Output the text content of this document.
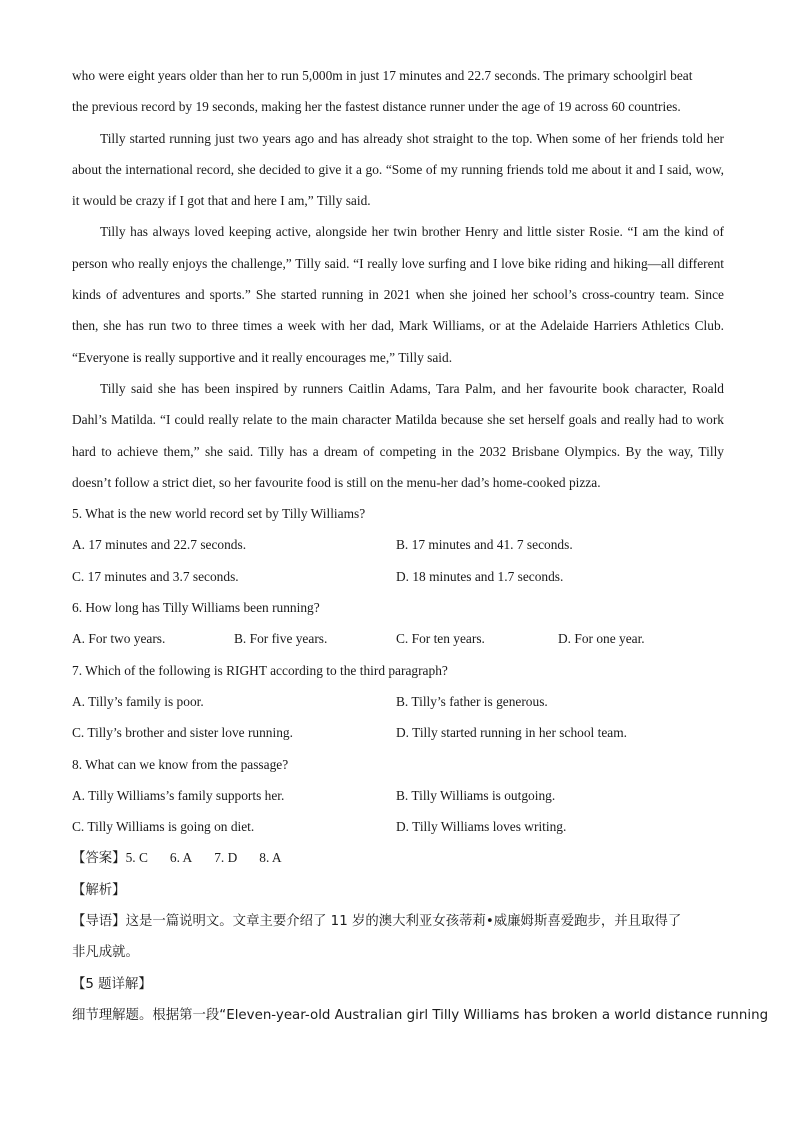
who were eight years older than her to run 5,000m in just 17 minutes and 22.7 seconds. The primary schoolgirl beat
the previous record by 19 seconds, making her the fastest distance runner under the age of 19 across 60 countries.

Tilly started running just two years ago and has already shot straight to the top. When some of her friends told her about the international record, she decided to give it a go. “Some of my running friends told me about it and I said, wow, it would be crazy if I got that and here I am,” Tilly said.

Tilly has always loved keeping active, alongside her twin brother Henry and little sister Rosie. “I am the kind of person who really enjoys the challenge,” Tilly said. “I really love surfing and I love bike riding and hiking—all different kinds of adventures and sports.” She started running in 2021 when she joined her school’s cross-country team. Since then, she has run two to three times a week with her dad, Mark Williams, or at the Adelaide Harriers Athletics Club. “Everyone is really supportive and it really encourages me,” Tilly said.

Tilly said she has been inspired by runners Caitlin Adams, Tara Palm, and her favourite book character, Roald Dahl’s Matilda. “I could really relate to the main character Matilda because she set herself goals and really had to work hard to achieve them,” she said. Tilly has a dream of competing in the 2032 Brisbane Olympics. By the way, Tilly doesn’t follow a strict diet, so her favourite food is still on the menu-her dad’s home-cooked pizza.

5. What is the new world record set by Tilly Williams?
A. 17 minutes and 22.7 seconds.	B. 17 minutes and 41. 7 seconds.
C. 17 minutes and 3.7 seconds.	D. 18 minutes and 1.7 seconds.
6. How long has Tilly Williams been running?
A. For two years.	B. For five years.	C. For ten years.	D. For one year.
7. Which of the following is RIGHT according to the third paragraph?
A. Tilly’s family is poor.	B. Tilly’s father is generous.
C. Tilly’s brother and sister love running.	D. Tilly started running in her school team.
8. What can we know from the passage?
A. Tilly Williams’s family supports her.	B. Tilly Williams is outgoing.
C. Tilly Williams is going on diet.	D. Tilly Williams loves writing.
【答案】5. C 6. A 7. D 8. A
【解析】
【导语】这是一篇说明文。文章主要介绍了 11 岁的澳大利亚女孩蒂莉•威廉姆斯喜爱跑步，并且取得了
非凡成就。
【5 题详解】
细节理解题。根据第一段“Eleven-year-old Australian girl Tilly Williams has broken a world distance running
